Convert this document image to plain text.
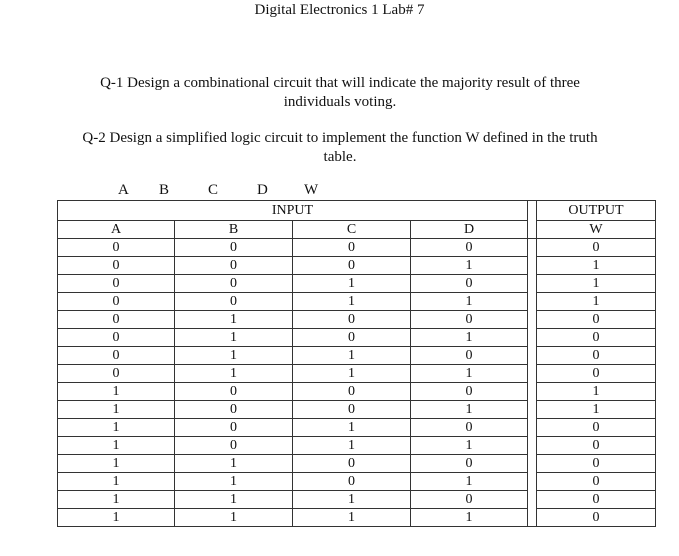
Digital Electronics 1 Lab# 7
Q-1 Design a combinational circuit that will indicate the majority result of three
individuals voting.
Q-2 Design a simplified logic circuit to implement the function W defined in the truth
table.
A B	C	D W
INPUT					OUTPUT
A	B	C	D		W
0	0	0	0		0
0	0	0	1		1
0	0	1	0		1
0	0	1	1		1
0	1	0	0		0
0	1	0	1		0
0	1	1	0		0
0	1	1	1		0
1	0	0	0		1
1	0	0	1		1
1	0	1	0		0
1	0	1	1		0
1	1	0	0		0
1	1	0	1		0
1	1	1	0		0
1	1	1	1		0
